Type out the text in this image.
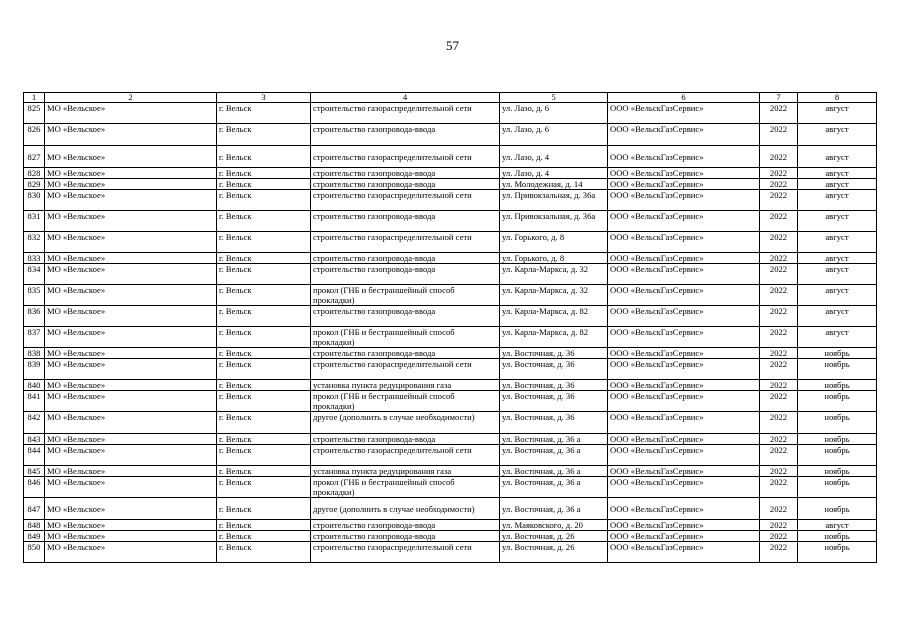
57
1	2	3	4	5	6	7	8
825	МО «Вельское»	г. Вельск	строительство газораспределительной сети	ул. Лазо, д. 6	ООО «ВельскГазСервис»	2022	август
826	МО «Вельское»	г. Вельск	строительство газопровода-ввода	ул. Лазо, д. 6	ООО «ВельскГазСервис»	2022	август
827	МО «Вельское»	г. Вельск	строительство газораспределительной сети	ул. Лазо, д. 4	ООО «ВельскГазСервис»	2022	август
828	МО «Вельское»	г. Вельск	строительство газопровода-ввода	ул. Лазо, д. 4	ООО «ВельскГазСервис»	2022	август
829	МО «Вельское»	г. Вельск	строительство газопровода-ввода	ул. Молодежная, д. 14	ООО «ВельскГазСервис»	2022	август
830	МО «Вельское»	г. Вельск	строительство газораспределительной сети	ул. Привокзальная, д. 36а	ООО «ВельскГазСервис»	2022	август
831	МО «Вельское»	г. Вельск	строительство газопровода-ввода	ул. Привокзальная, д. 36а	ООО «ВельскГазСервис»	2022	август
832	МО «Вельское»	г. Вельск	строительство газораспределительной сети	ул. Горького, д. 8	ООО «ВельскГазСервис»	2022	август
833	МО «Вельское»	г. Вельск	строительство газопровода-ввода	ул. Горького, д. 8	ООО «ВельскГазСервис»	2022	август
834	МО «Вельское»	г. Вельск	строительство газопровода-ввода	ул. Карла-Маркса, д. 32	ООО «ВельскГазСервис»	2022	август
835	МО «Вельское»	г. Вельск	прокол (ГНБ и бестраншейный способ прокладки)	ул. Карла-Маркса, д. 32	ООО «ВельскГазСервис»	2022	август
836	МО «Вельское»	г. Вельск	строительство газопровода-ввода	ул. Карла-Маркса, д. 82	ООО «ВельскГазСервис»	2022	август
837	МО «Вельское»	г. Вельск	прокол (ГНБ и бестраншейный способ прокладки)	ул. Карла-Маркса, д. 82	ООО «ВельскГазСервис»	2022	август
838	МО «Вельское»	г. Вельск	строительство газопровода-ввода	ул. Восточная, д. 36	ООО «ВельскГазСервис»	2022	ноябрь
839	МО «Вельское»	г. Вельск	строительство газораспределительной сети	ул. Восточная, д. 36	ООО «ВельскГазСервис»	2022	ноябрь
840	МО «Вельское»	г. Вельск	установка пункта редуцирования газа	ул. Восточная, д. 36	ООО «ВельскГазСервис»	2022	ноябрь
841	МО «Вельское»	г. Вельск	прокол (ГНБ и бестраншейный способ прокладки)	ул. Восточная, д. 36	ООО «ВельскГазСервис»	2022	ноябрь
842	МО «Вельское»	г. Вельск	другое (дополнить в случае необходимости)	ул. Восточная, д. 36	ООО «ВельскГазСервис»	2022	ноябрь
843	МО «Вельское»	г. Вельск	строительство газопровода-ввода	ул. Восточная, д. 36 а	ООО «ВельскГазСервис»	2022	ноябрь
844	МО «Вельское»	г. Вельск	строительство газораспределительной сети	ул. Восточная, д. 36 а	ООО «ВельскГазСервис»	2022	ноябрь
845	МО «Вельское»	г. Вельск	установка пункта редуцирования газа	ул. Восточная, д. 36 а	ООО «ВельскГазСервис»	2022	ноябрь
846	МО «Вельское»	г. Вельск	прокол (ГНБ и бестраншейный способ прокладки)	ул. Восточная, д. 36 а	ООО «ВельскГазСервис»	2022	ноябрь
847	МО «Вельское»	г. Вельск	другое (дополнить в случае необходимости)	ул. Восточная, д. 36 а	ООО «ВельскГазСервис»	2022	ноябрь
848	МО «Вельское»	г. Вельск	строительство газопровода-ввода	ул. Маяковского, д. 20	ООО «ВельскГазСервис»	2022	август
849	МО «Вельское»	г. Вельск	строительство газопровода-ввода	ул. Восточная, д. 26	ООО «ВельскГазСервис»	2022	ноябрь
850	МО «Вельское»	г. Вельск	строительство газораспределительной сети	ул. Восточная, д. 26	ООО «ВельскГазСервис»	2022	ноябрь
